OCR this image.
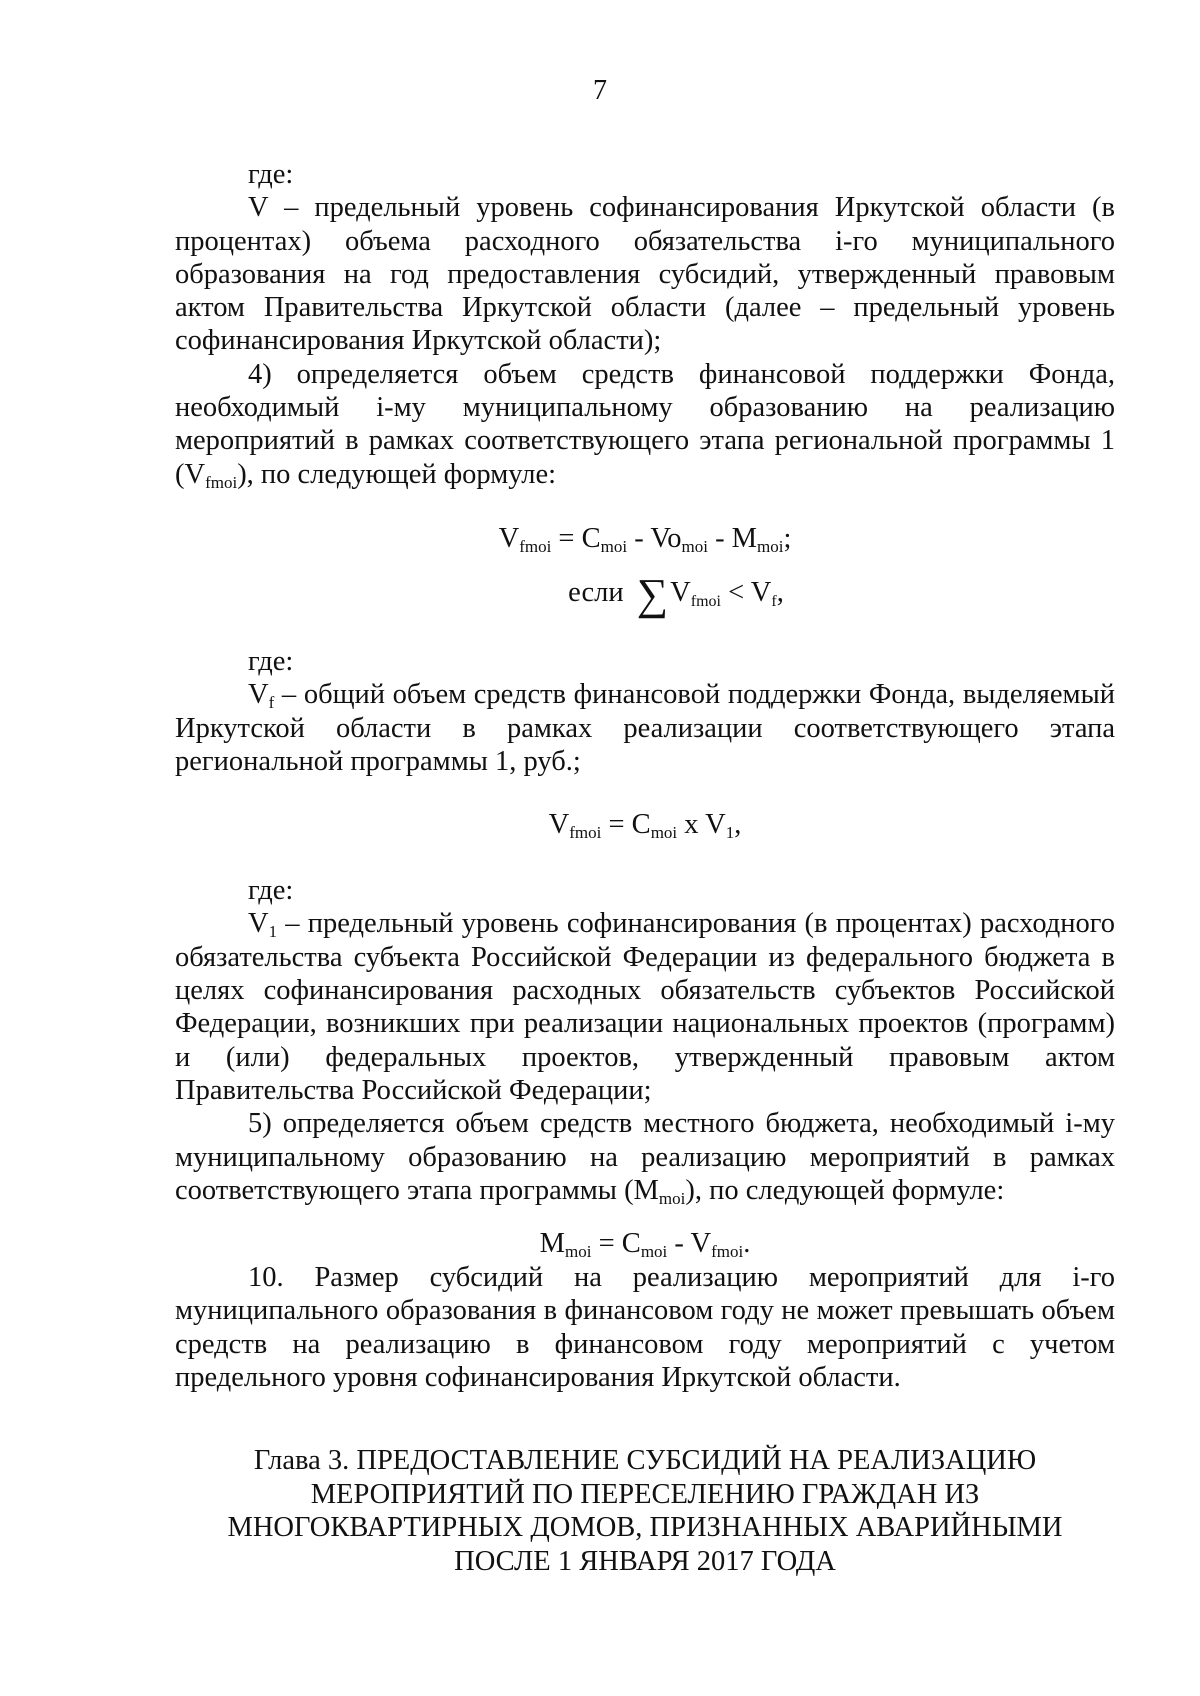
7

где:

V – предельный уровень софинансирования Иркутской области (в процентах) объема расходного обязательства i-го муниципального образования на год предоставления субсидий, утвержденный правовым актом Правительства Иркутской области (далее – предельный уровень софинансирования Иркутской области);

4) определяется объем средств финансовой поддержки Фонда, необходимый i-му муниципальному образованию на реализацию мероприятий в рамках соответствующего этапа региональной программы 1 $(V_{fmoi})$, по следующей формуле:

$V_{fmoi} = C_{moi} - Vo_{moi} - M_{moi}$;
если $\sum V_{fmoi} < V_f$,

где:

$V_f$ – общий объем средств финансовой поддержки Фонда, выделяемый Иркутской области в рамках реализации соответствующего этапа региональной программы 1, руб.;

$V_{fmoi} = C_{moi}$ x $V_1$,

где:

$V_1$ – предельный уровень софинансирования (в процентах) расходного обязательства субъекта Российской Федерации из федерального бюджета в целях софинансирования расходных обязательств субъектов Российской Федерации, возникших при реализации национальных проектов (программ) и (или) федеральных проектов, утвержденный правовым актом Правительства Российской Федерации;

5) определяется объем средств местного бюджета, необходимый i-му муниципальному образованию на реализацию мероприятий в рамках соответствующего этапа программы $(M_{moi})$, по следующей формуле:

$M_{moi} = C_{moi} - V_{fmoi}$.

10. Размер субсидий на реализацию мероприятий для i-го муниципального образования в финансовом году не может превышать объем средств на реализацию в финансовом году мероприятий с учетом предельного уровня софинансирования Иркутской области.

Глава 3. ПРЕДОСТАВЛЕНИЕ СУБСИДИЙ НА РЕАЛИЗАЦИЮ
МЕРОПРИЯТИЙ ПО ПЕРЕСЕЛЕНИЮ ГРАЖДАН ИЗ
МНОГОКВАРТИРНЫХ ДОМОВ, ПРИЗНАННЫХ АВАРИЙНЫМИ
ПОСЛЕ 1 ЯНВАРЯ 2017 ГОДА
